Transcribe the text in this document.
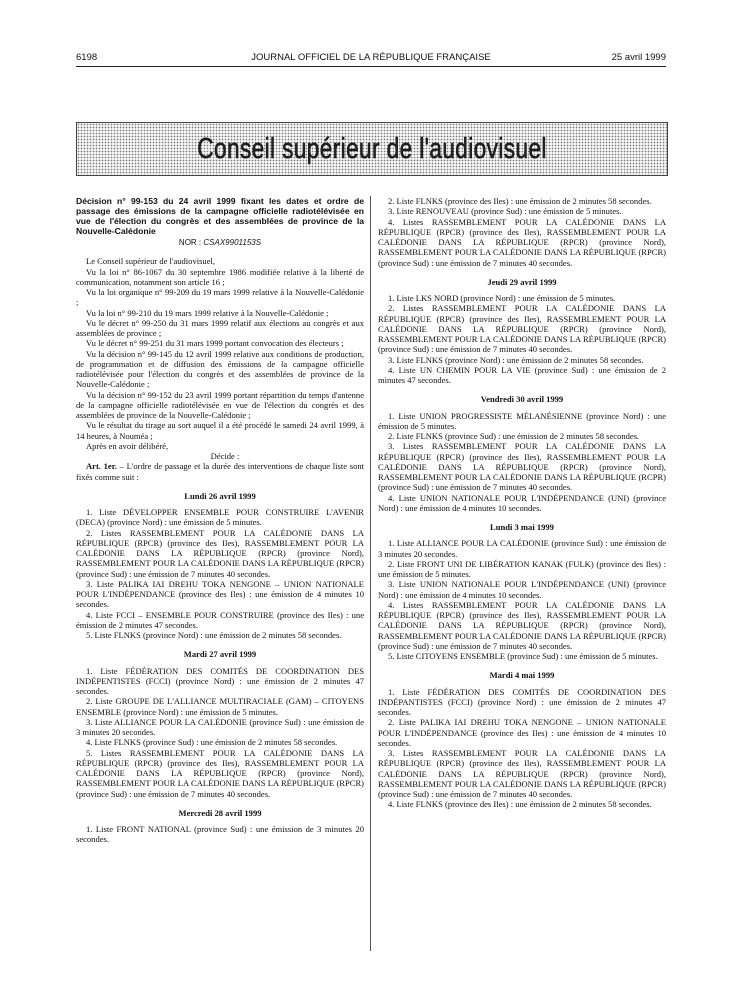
6198	JOURNAL OFFICIEL DE LA RÉPUBLIQUE FRANÇAISE	25 avril 1999
Conseil supérieur de l'audiovisuel

Décision n° 99-153 du 24 avril 1999 fixant les dates et ordre de passage des émissions de la campagne officielle radiotélévisée en vue de l'élection du congrès et des assemblées de province de la Nouvelle-Calédonie

NOR : CSAX9901153S

Le Conseil supérieur de l'audiovisuel,

Vu la loi n° 86-1067 du 30 septembre 1986 modifiée relative à la liberté de communication, notamment son article 16 ;

Vu la loi organique n° 99-209 du 19 mars 1999 relative à la Nouvelle-Calédonie ;

Vu la loi n° 99-210 du 19 mars 1999 relative à la Nouvelle-Calédonie ;

Vu le décret n° 99-250 du 31 mars 1999 relatif aux élections au congrès et aux assemblées de province ;

Vu le décret n° 99-251 du 31 mars 1999 portant convocation des électeurs ;

Vu la décision n° 99-145 du 12 avril 1999 relative aux conditions de production, de programmation et de diffusion des émissions de la campagne officielle radiotélévisée pour l'élection du congrès et des assemblées de province de la Nouvelle-Calédonie ;

Vu la décision n° 99-152 du 23 avril 1999 portant répartition du temps d'antenne de la campagne officielle radiotélévisée en vue de l'élection du congrès et des assemblées de province de la Nouvelle-Calédonie ;

Vu le résultat du tirage au sort auquel il a été procédé le samedi 24 avril 1999, à 14 heures, à Nouméa ;

Après en avoir délibéré,

Décide :

Art. 1er. – L'ordre de passage et la durée des interventions de chaque liste sont fixés comme suit :

Lundi 26 avril 1999

1. Liste DÉVELOPPER ENSEMBLE POUR CONSTRUIRE L'AVENIR (DECA) (province Nord) : une émission de 5 minutes.

2. Listes RASSEMBLEMENT POUR LA CALÉDONIE DANS LA RÉPUBLIQUE (RPCR) (province des Iles), RASSEMBLEMENT POUR LA CALÉDONIE DANS LA RÉPUBLIQUE (RPCR) (province Nord), RASSEMBLEMENT POUR LA CALÉDONIE DANS LA RÉPUBLIQUE (RPCR) (province Sud) : une émission de 7 minutes 40 secondes.

3. Liste PALIKA IAI DREHU TOKA NENGONE – UNION NATIONALE POUR L'INDÉPENDANCE (province des Iles) : une émission de 4 minutes 10 secondes.

4. Liste FCCI – ENSEMBLE POUR CONSTRUIRE (province des Iles) : une émission de 2 minutes 47 secondes.

5. Liste FLNKS (province Nord) : une émission de 2 minutes 58 secondes.

Mardi 27 avril 1999

1. Liste FÉDÉRATION DES COMITÉS DE COORDINATION DES INDÉPENTISTES (FCCI) (province Nord) : une émission de 2 minutes 47 secondes.

2. Liste GROUPE DE L'ALLIANCE MULTIRACIALE (GAM) – CITOYENS ENSEMBLE (province Nord) : une émission de 5 minutes.

3. Liste ALLIANCE POUR LA CALÉDONIE (province Sud) : une émission de 3 minutes 20 secondes.

4. Liste FLNKS (province Sud) : une émission de 2 minutes 58 secondes.

5. Listes RASSEMBLEMENT POUR LA CALÉDONIE DANS LA RÉPUBLIQUE (RPCR) (province des Iles), RASSEMBLEMENT POUR LA CALÉDONIE DANS LA RÉPUBLIQUE (RPCR) (province Nord), RASSEMBLEMENT POUR LA CALÉDONIE DANS LA RÉPUBLIQUE (RPCR) (province Sud) : une émission de 7 minutes 40 secondes.

Mercredi 28 avril 1999

1. Liste FRONT NATIONAL (province Sud) : une émission de 3 minutes 20 secondes.

2. Liste FLNKS (province des Iles) : une émission de 2 minutes 58 secondes.

3. Liste RENOUVEAU (province Sud) : une émission de 5 minutes.

4. Listes RASSEMBLEMENT POUR LA CALÉDONIE DANS LA RÉPUBLIQUE (RPCR) (province des Iles), RASSEMBLEMENT POUR LA CALÉDONIE DANS LA RÉPUBLIQUE (RPCR) (province Nord), RASSEMBLEMENT POUR LA CALÉDONIE DANS LA RÉPUBLIQUE (RPCR) (province Sud) : une émission de 7 minutes 40 secondes.

Jeudi 29 avril 1999

1. Liste LKS NORD (province Nord) : une émission de 5 minutes.

2. Listes RASSEMBLEMENT POUR LA CALÉDONIE DANS LA RÉPUBLIQUE (RPCR) (province des Iles), RASSEMBLEMENT POUR LA CALÉDONIE DANS LA RÉPUBLIQUE (RPCR) (province Nord), RASSEMBLEMENT POUR LA CALÉDONIE DANS LA RÉPUBLIQUE (RPCR) (province Sud) : une émission de 7 minutes 40 secondes.

3. Liste FLNKS (province Nord) : une émission de 2 minutes 58 secondes.

4. Liste UN CHEMIN POUR LA VIE (province Sud) : une émission de 2 minutes 47 secondes.

Vendredi 30 avril 1999

1. Liste UNION PROGRESSISTE MÉLANÉSIENNE (province Nord) : une émission de 5 minutes.

2. Liste FLNKS (province Sud) : une émission de 2 minutes 58 secondes.

3. Listes RASSEMBLEMENT POUR LA CALÉDONIE DANS LA RÉPUBLIQUE (RPCR) (province des Iles), RASSEMBLEMENT POUR LA CALÉDONIE DANS LA RÉPUBLIQUE (RPCR) (province Nord), RASSEMBLEMENT POUR LA CALÉDONIE DANS LA RÉPUBLIQUE (RCPR) (province Sud) : une émission de 7 minutes 40 secondes.

4. Liste UNION NATIONALE POUR L'INDÉPENDANCE (UNI) (province Nord) : une émission de 4 minutes 10 secondes.

Lundi 3 mai 1999

1. Liste ALLIANCE POUR LA CALÉDONIE (province Sud) : une émission de 3 minutes 20 secondes.

2. Liste FRONT UNI DE LIBÉRATION KANAK (FULK) (province des Iles) : une émission de 5 minutes.

3. Liste UNION NATIONALE POUR L'INDÉPENDANCE (UNI) (province Nord) : une émission de 4 minutes 10 secondes.

4. Listes RASSEMBLEMENT POUR LA CALÉDONIE DANS LA RÉPUBLIQUE (RPCR) (province des Iles), RASSEMBLEMENT POUR LA CALÉDONIE DANS LA RÉPUBLIQUE (RPCR) (province Nord), RASSEMBLEMENT POUR LA CALÉDONIE DANS LA RÉPUBLIQUE (RPCR) (province Sud) : une émission de 7 minutes 40 secondes.

5. Liste CITOYENS ENSEMBLE (province Sud) : une émission de 5 minutes.

Mardi 4 mai 1999

1. Liste FÉDÉRATION DES COMITÉS DE COORDINATION DES INDÉPANTISTES (FCCI) (province Nord) : une émission de 2 minutes 47 secondes.

2. Liste PALIKA IAI DREHU TOKA NENGONE – UNION NATIONALE POUR L'INDÉPENDANCE (province des Iles) : une émission de 4 minutes 10 secondes.

3. Listes RASSEMBLEMENT POUR LA CALÉDONIE DANS LA RÉPUBLIQUE (RPCR) (province des Iles), RASSEMBLEMENT POUR LA CALÉDONIE DANS LA RÉPUBLIQUE (RPCR) (province Nord), RASSEMBLEMENT POUR LA CALÉDONIE DANS LA RÉPUBLIQUE (RPCR) (province Sud) : une émission de 7 minutes 40 secondes.

4. Liste FLNKS (province des Iles) : une émission de 2 minutes 58 secondes.
